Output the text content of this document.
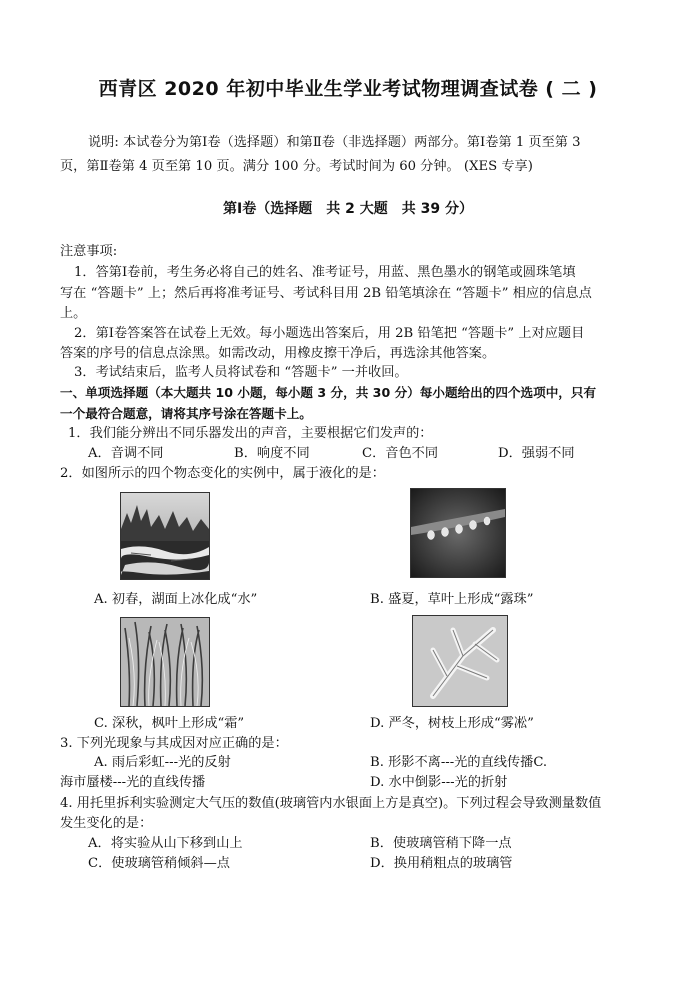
西青区 2020 年初中毕业生学业考试物理调查试卷 ( 二 )
说明: 本试卷分为第Ⅰ卷（选择题）和第Ⅱ卷（非选择题）两部分。第Ⅰ卷第 1 页至第 3
页，第Ⅱ卷第 4 页至第 10 页。满分 100 分。考试时间为 60 分钟。 (XES 专享)
第Ⅰ卷（选择题　共 2 大题　共 39 分）
注意事项:
1．答第Ⅰ卷前，考生务必将自己的姓名、准考证号，用蓝、黑色墨水的钢笔或圆珠笔填
写在 “答题卡” 上；然后再将准考证号、考试科目用 2B 铅笔填涂在 “答题卡” 相应的信息点
上。
2．第Ⅰ卷答案答在试卷上无效。每小题选出答案后，用 2B 铅笔把 “答题卡” 上对应题目
答案的序号的信息点涂黑。如需改动，用橡皮擦干净后，再选涂其他答案。
3．考试结束后，监考人员将试卷和 “答题卡” 一并收回。
一、单项选择题（本大题共 10 小题，每小题 3 分，共 30 分）每小题给出的四个选项中，只有
一个最符合题意，请将其序号涂在答题卡上。
1．我们能分辨出不同乐器发出的声音，主要根据它们发声的：
A．音调不同	B．响度不同	C．音色不同	D．强弱不同
2．如图所示的四个物态变化的实例中，属于液化的是：
A. 初春，湖面上冰化成“水”	B. 盛夏，草叶上形成“露珠”
C. 深秋，枫叶上形成“霜”	D. 严冬，树枝上形成“雾凇”
3. 下列光现象与其成因对应正确的是：
A. 雨后彩虹---光的反射	B. 形影不离---光的直线传播C.
海市蜃楼---光的直线传播	D. 水中倒影---光的折射
4. 用托里拆利实验测定大气压的数值(玻璃管内水银面上方是真空)。下列过程会导致测量数值
发生变化的是：
A．将实验从山下移到山上	B．使玻璃管稍下降一点
C．使玻璃管稍倾斜—点	D．换用稍粗点的玻璃管
